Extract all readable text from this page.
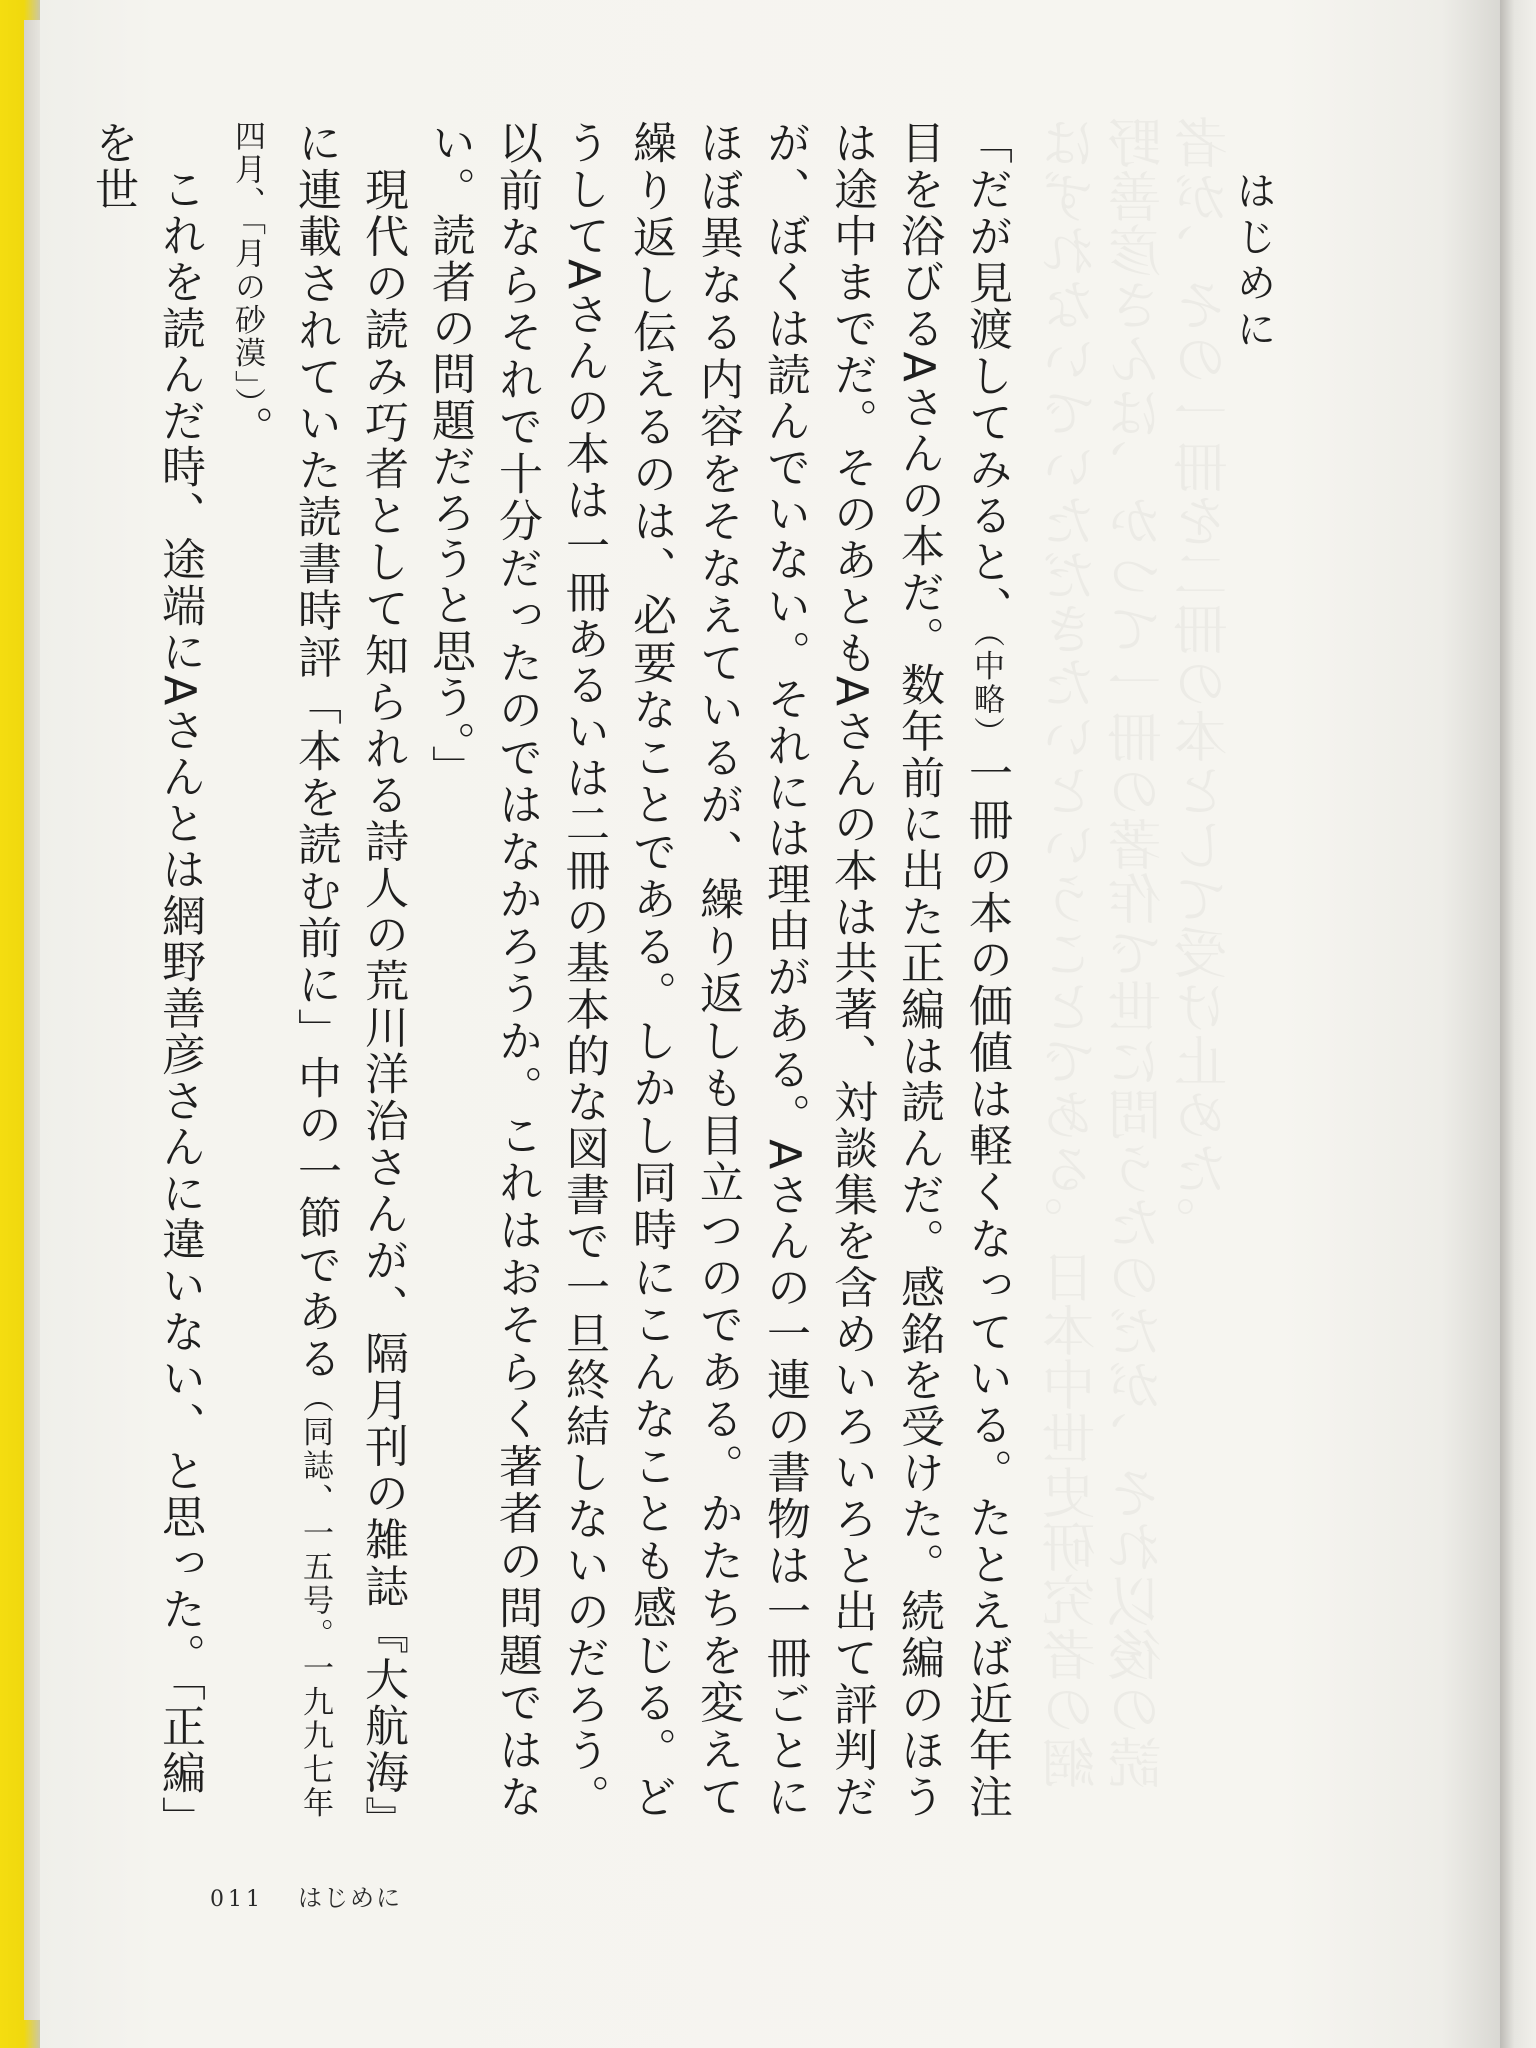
はじめに

「だが見渡してみると、（中略）一冊の本の価値は軽くなっている。たとえば近年注目を浴びるAさんの本だ。数年前に出た正編は読んだ。感銘を受けた。続編のほうは途中までだ。そのあともAさんの本は共著、対談集を含めいろいろと出て評判だが、ぼくは読んでいない。それには理由がある。Aさんの一連の書物は一冊ごとにほぼ異なる内容をそなえているが、繰り返しも目立つのである。かたちを変えて繰り返し伝えるのは、必要なことである。しかし同時にこんなことも感じる。どうしてAさんの本は一冊あるいは二冊の基本的な図書で一旦終結しないのだろう。以前ならそれで十分だったのではなかろうか。これはおそらく著者の問題ではない。読者の問題だろうと思う。」

　現代の読み巧者として知られる詩人の荒川洋治さんが、隔月刊の雑誌『大航海』に連載されていた読書時評「本を読む前に」中の一節である（同誌、一五号。一九九七年四月、「月の砂漠」）。

　これを読んだ時、途端にAさんとは網野善彦さんに違いない、と思った。「正編」を世

011 はじめに
